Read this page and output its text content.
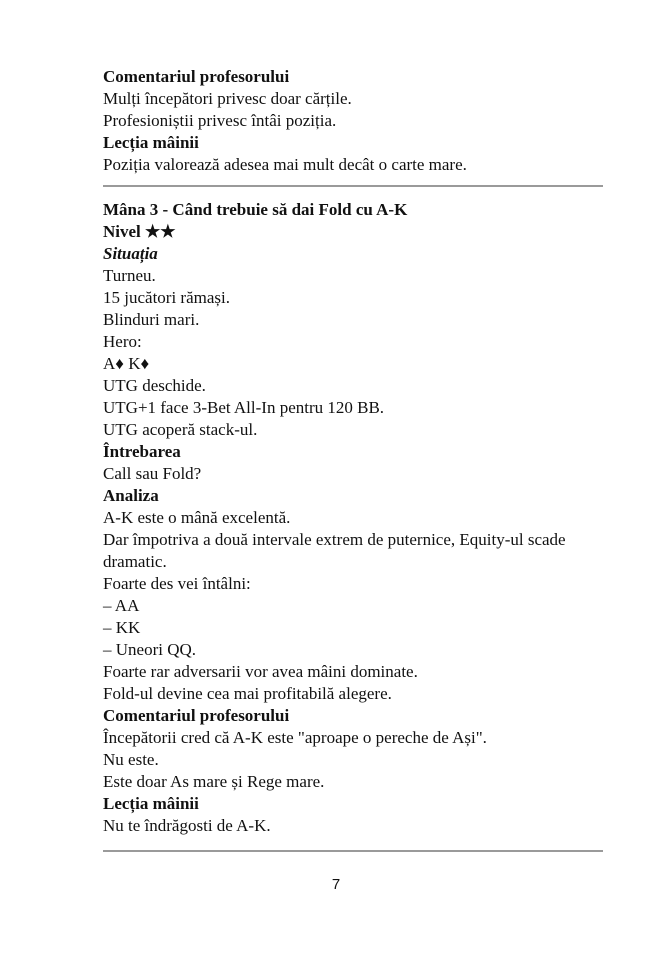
Comentariul profesorului
Mulți începători privesc doar cărțile.
Profesioniștii privesc întâi poziția.
Lecția mâinii
Poziția valorează adesea mai mult decât o carte mare.
Mâna 3 - Când trebuie să dai Fold cu A-K
Nivel ★★
Situația
Turneu.
15 jucători rămași.
Blinduri mari.
Hero:
A♦ K♦
UTG deschide.
UTG+1 face 3-Bet All-In pentru 120 BB.
UTG acoperă stack-ul.
Întrebarea
Call sau Fold?
Analiza
A-K este o mână excelentă.
Dar împotriva a două intervale extrem de puternice, Equity-ul scade dramatic.
Foarte des vei întâlni:
– AA
– KK
– Uneori QQ.
Foarte rar adversarii vor avea mâini dominate.
Fold-ul devine cea mai profitabilă alegere.
Comentariul profesorului
Începătorii cred că A-K este "aproape o pereche de Ași".
Nu este.
Este doar As mare și Rege mare.
Lecția mâinii
Nu te îndrăgosti de A-K.
7
